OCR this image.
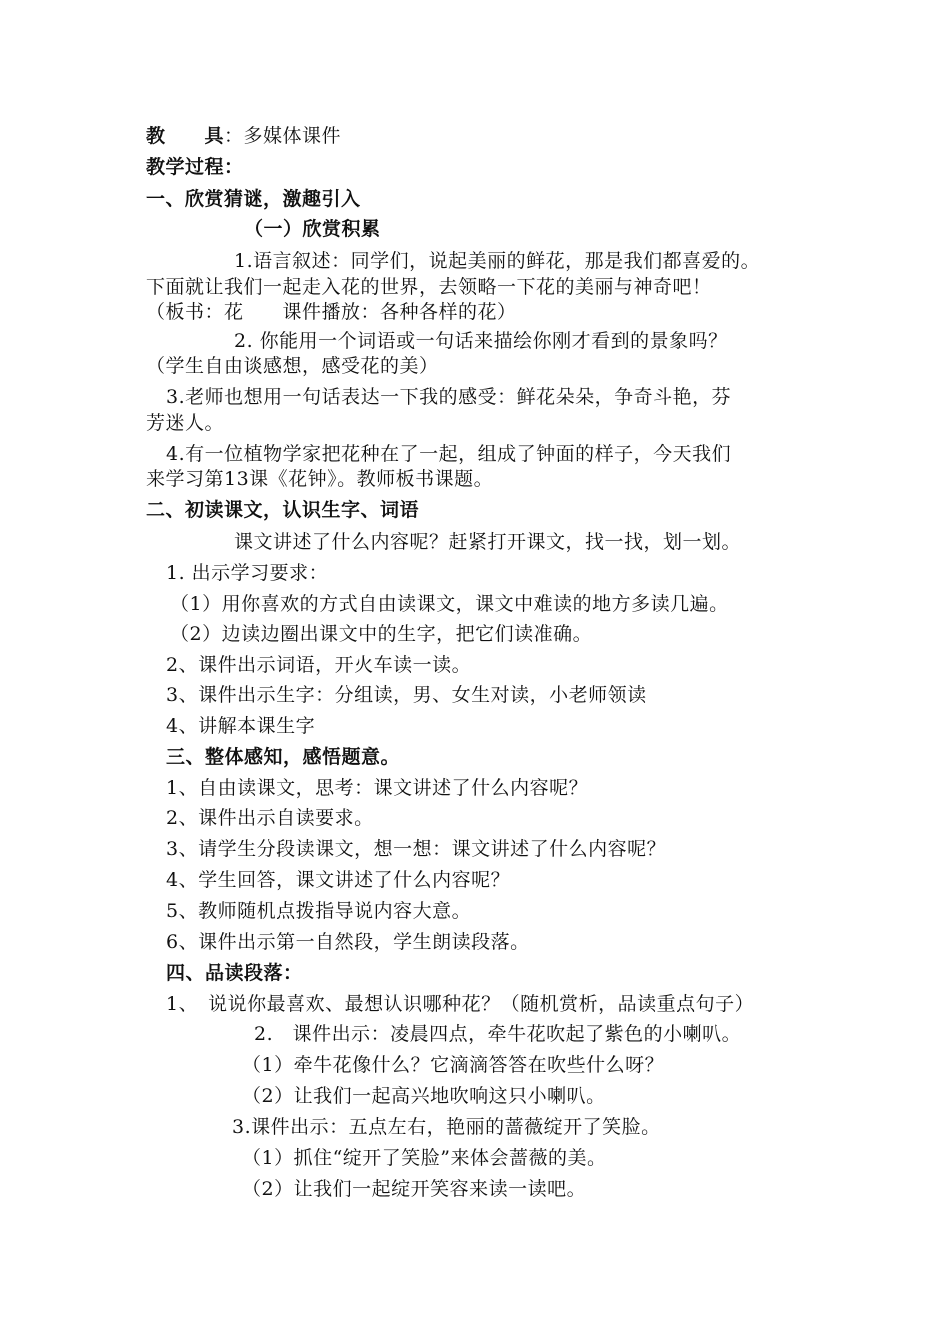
教　　具：多媒体课件
教学过程：
一、欣赏猜谜，激趣引入
（一）欣赏积累
1.语言叙述：同学们，说起美丽的鲜花，那是我们都喜爱的。
下面就让我们一起走入花的世界，去领略一下花的美丽与神奇吧！
（板书：花　　课件播放：各种各样的花）
2. 你能用一个词语或一句话来描绘你刚才看到的景象吗？
（学生自由谈感想，感受花的美）
3.老师也想用一句话表达一下我的感受：鲜花朵朵，争奇斗艳，芬
芳迷人。
4.有一位植物学家把花种在了一起，组成了钟面的样子，今天我们
来学习第13课《花钟》。教师板书课题。
二、初读课文，认识生字、词语
课文讲述了什么内容呢？赶紧打开课文，找一找，划一划。
1. 出示学习要求：
（1）用你喜欢的方式自由读课文，课文中难读的地方多读几遍。
（2）边读边圈出课文中的生字，把它们读准确。
2、课件出示词语，开火车读一读。
3、课件出示生字：分组读，男、女生对读，小老师领读
4、讲解本课生字
三、整体感知，感悟题意。
1、自由读课文，思考：课文讲述了什么内容呢？
2、课件出示自读要求。
3、请学生分段读课文，想一想：课文讲述了什么内容呢？
4、学生回答，课文讲述了什么内容呢？
5、教师随机点拨指导说内容大意。
6、课件出示第一自然段，学生朗读段落。
四、品读段落：
1、　说说你最喜欢、最想认识哪种花？（随机赏析，品读重点句子）
2.　课件出示：凌晨四点，牵牛花吹起了紫色的小喇叭。
（1）牵牛花像什么？它滴滴答答在吹些什么呀？
（2）让我们一起高兴地吹响这只小喇叭。
3.课件出示：五点左右，艳丽的蔷薇绽开了笑脸。
（1）抓住“绽开了笑脸”来体会蔷薇的美。
（2）让我们一起绽开笑容来读一读吧。
